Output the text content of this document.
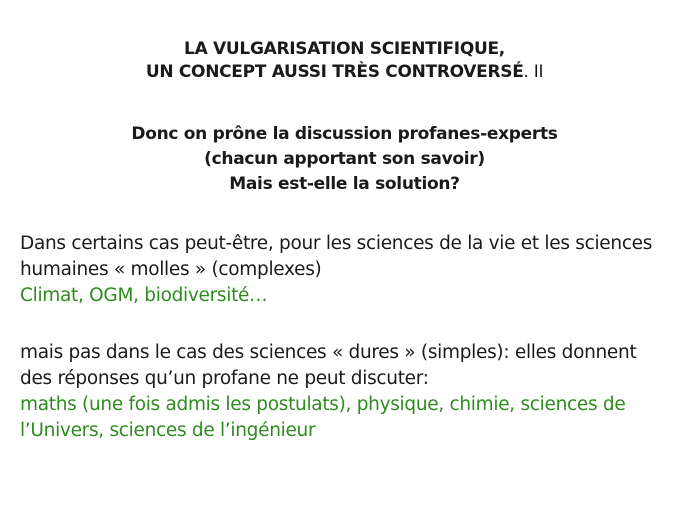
LA VULGARISATION SCIENTIFIQUE,
UN CONCEPT AUSSI TRÈS CONTROVERSÉ. II
Donc on prône la discussion profanes-experts
(chacun apportant son savoir)
Mais est-elle la solution?
Dans certains cas peut-être, pour les sciences de la vie et les sciences
humaines « molles » (complexes)
Climat, OGM, biodiversité…
mais pas dans le cas des sciences « dures » (simples): elles donnent
des réponses qu’un profane ne peut discuter:
maths (une fois admis les postulats), physique, chimie, sciences de
l’Univers, sciences de l’ingénieur
